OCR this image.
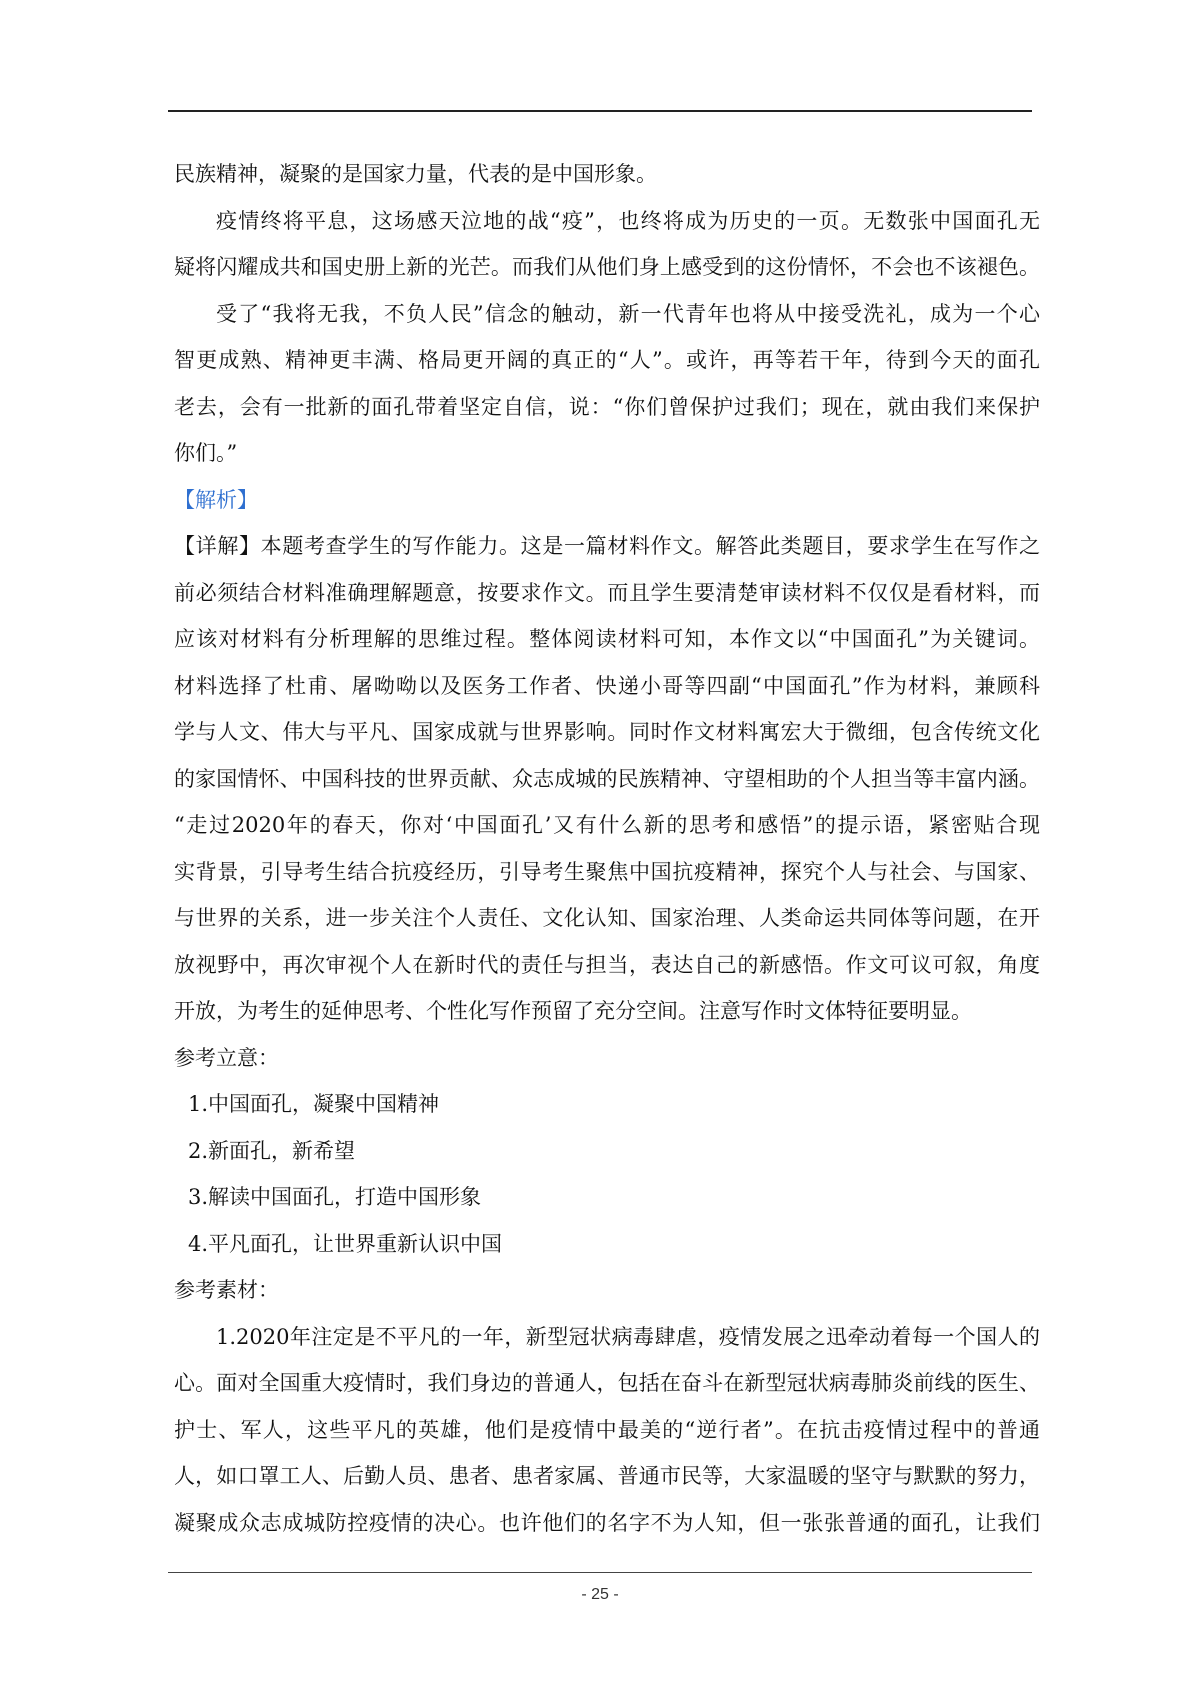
民族精神，凝聚的是国家力量，代表的是中国形象。
疫情终将平息，这场感天泣地的战“疫”，也终将成为历史的一页。无数张中国面孔无
疑将闪耀成共和国史册上新的光芒。而我们从他们身上感受到的这份情怀，不会也不该褪色。
受了“我将无我，不负人民”信念的触动，新一代青年也将从中接受洗礼，成为一个心
智更成熟、精神更丰满、格局更开阔的真正的“人”。或许，再等若干年，待到今天的面孔
老去，会有一批新的面孔带着坚定自信，说：“你们曾保护过我们；现在，就由我们来保护
你们。”
【解析】
【详解】本题考查学生的写作能力。这是一篇材料作文。解答此类题目，要求学生在写作之
前必须结合材料准确理解题意，按要求作文。而且学生要清楚审读材料不仅仅是看材料，而
应该对材料有分析理解的思维过程。整体阅读材料可知，本作文以“中国面孔”为关键词。
材料选择了杜甫、屠呦呦以及医务工作者、快递小哥等四副“中国面孔”作为材料，兼顾科
学与人文、伟大与平凡、国家成就与世界影响。同时作文材料寓宏大于微细，包含传统文化
的家国情怀、中国科技的世界贡献、众志成城的民族精神、守望相助的个人担当等丰富内涵。
“走过2020年的春天，你对‘中国面孔’又有什么新的思考和感悟”的提示语，紧密贴合现
实背景，引导考生结合抗疫经历，引导考生聚焦中国抗疫精神，探究个人与社会、与国家、
与世界的关系，进一步关注个人责任、文化认知、国家治理、人类命运共同体等问题，在开
放视野中，再次审视个人在新时代的责任与担当，表达自己的新感悟。作文可议可叙，角度
开放，为考生的延伸思考、个性化写作预留了充分空间。注意写作时文体特征要明显。
参考立意：
1.中国面孔，凝聚中国精神
2.新面孔，新希望
3.解读中国面孔，打造中国形象
4.平凡面孔，让世界重新认识中国
参考素材：
1.2020年注定是不平凡的一年，新型冠状病毒肆虐，疫情发展之迅牵动着每一个国人的
心。面对全国重大疫情时，我们身边的普通人，包括在奋斗在新型冠状病毒肺炎前线的医生、
护士、军人，这些平凡的英雄，他们是疫情中最美的“逆行者”。在抗击疫情过程中的普通
人，如口罩工人、后勤人员、患者、患者家属、普通市民等，大家温暖的坚守与默默的努力，
凝聚成众志成城防控疫情的决心。也许他们的名字不为人知，但一张张普通的面孔，让我们
- 25 -
